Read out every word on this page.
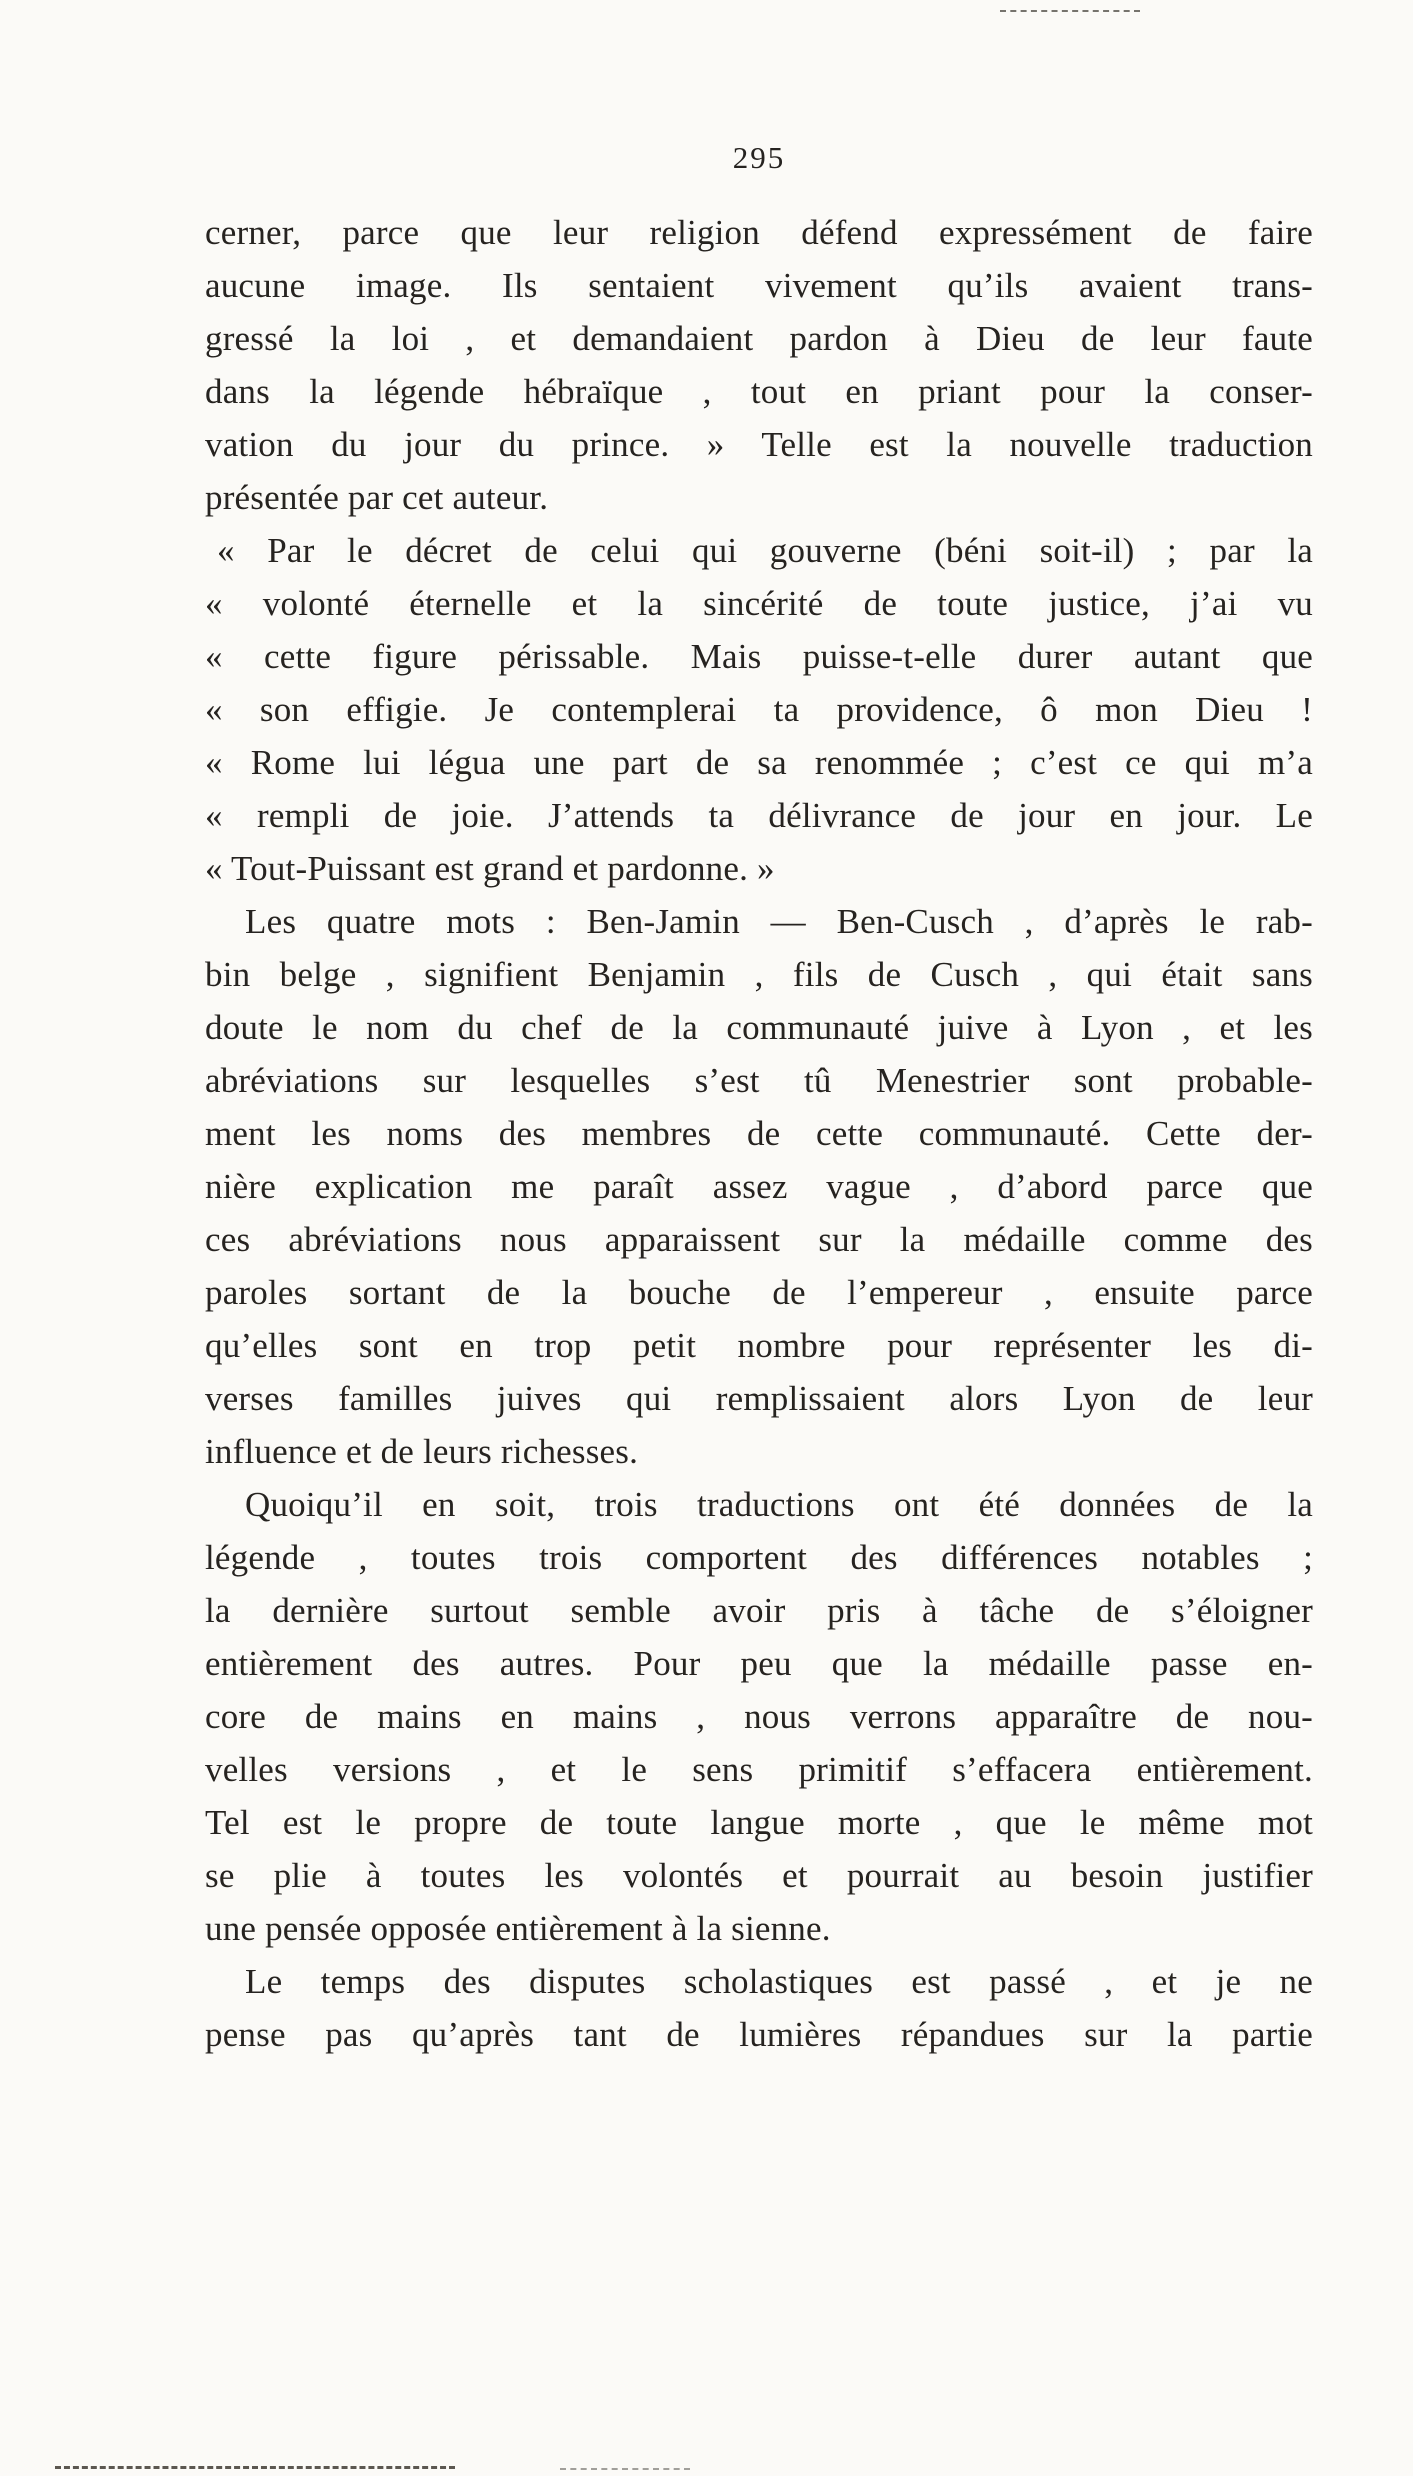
295
cerner, parce que leur religion défend expressément de faire
aucune image. Ils sentaient vivement qu’ils avaient trans-
gressé la loi , et demandaient pardon à Dieu de leur faute
dans la légende hébraïque , tout en priant pour la conser-
vation du jour du prince. » Telle est la nouvelle traduction
présentée par cet auteur.
« Par le décret de celui qui gouverne (béni soit-il) ; par la
« volonté éternelle et la sincérité de toute justice, j’ai vu
« cette figure périssable. Mais puisse-t-elle durer autant que
« son effigie. Je contemplerai ta providence, ô mon Dieu !
« Rome lui légua une part de sa renommée ; c’est ce qui m’a
« rempli de joie. J’attends ta délivrance de jour en jour. Le
« Tout-Puissant est grand et pardonne. »
Les quatre mots : Ben-Jamin — Ben-Cusch , d’après le rab-
bin belge , signifient Benjamin , fils de Cusch , qui était sans
doute le nom du chef de la communauté juive à Lyon , et les
abréviations sur lesquelles s’est tû Menestrier sont probable-
ment les noms des membres de cette communauté. Cette der-
nière explication me paraît assez vague , d’abord parce que
ces abréviations nous apparaissent sur la médaille comme des
paroles sortant de la bouche de l’empereur , ensuite parce
qu’elles sont en trop petit nombre pour représenter les di-
verses familles juives qui remplissaient alors Lyon de leur
influence et de leurs richesses.
Quoiqu’il en soit, trois traductions ont été données de la
légende , toutes trois comportent des différences notables ;
la dernière surtout semble avoir pris à tâche de s’éloigner
entièrement des autres. Pour peu que la médaille passe en-
core de mains en mains , nous verrons apparaître de nou-
velles versions , et le sens primitif s’effacera entièrement.
Tel est le propre de toute langue morte , que le même mot
se plie à toutes les volontés et pourrait au besoin justifier
une pensée opposée entièrement à la sienne.
Le temps des disputes scholastiques est passé , et je ne
pense pas qu’après tant de lumières répandues sur la partie
